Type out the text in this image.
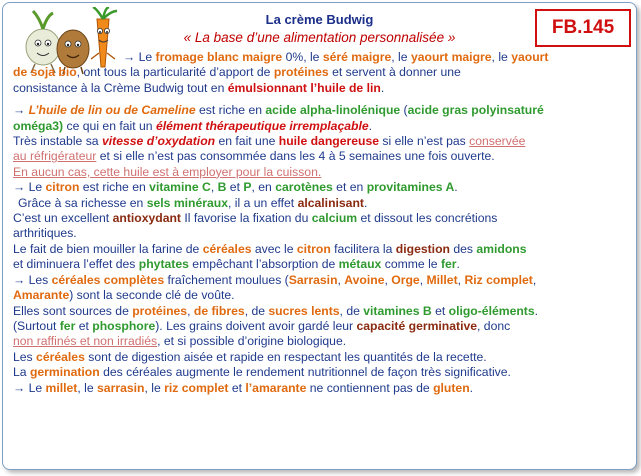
La crème Budwig
« La base d’une alimentation personnalisée »	FB.145

→ Le fromage blanc maigre 0%, le séré maigre, le yaourt maigre, le yaourt

de soja bio, ont tous la particularité d’apport de protéines et servent à donner une

consistance à la Crème Budwig tout en émulsionnant l’huile de lin.

→ L’huile de lin ou de Cameline est riche en acide alpha-linolénique (acide gras polyinsaturé

oméga3) ce qui en fait un élément thérapeutique irremplaçable.

Très instable sa vitesse d’oxydation en fait une huile dangereuse si elle n’est pas conservée

au réfrigérateur et si elle n’est pas consommée dans les 4 à 5 semaines une fois ouverte.

En aucun cas, cette huile est à employer pour la cuisson.

→ Le citron est riche en vitamine C, B et P, en carotènes et en provitamines A.

Grâce à sa richesse en sels minéraux, il a un effet alcalinisant.

C’est un excellent antioxydant Il favorise la fixation du calcium et dissout les concrétions

arthritiques.

Le fait de bien mouiller la farine de céréales avec le citron facilitera la digestion des amidons

et diminuera l’effet des phytates empêchant l’absorption de métaux comme le fer.

→ Les céréales complètes fraîchement moulues (Sarrasin, Avoine, Orge, Millet, Riz complet,

Amarante) sont la seconde clé de voûte.

Elles sont sources de protéines, de fibres, de sucres lents, de vitamines B et oligo-éléments.

(Surtout fer et phosphore). Les grains doivent avoir gardé leur capacité germinative, donc

non raffinés et non irradiés, et si possible d’origine biologique.

Les céréales sont de digestion aisée et rapide en respectant les quantités de la recette.

La germination des céréales augmente le rendement nutritionnel de façon très significative.

→ Le millet, le sarrasin, le riz complet et l’amarante ne contiennent pas de gluten.
